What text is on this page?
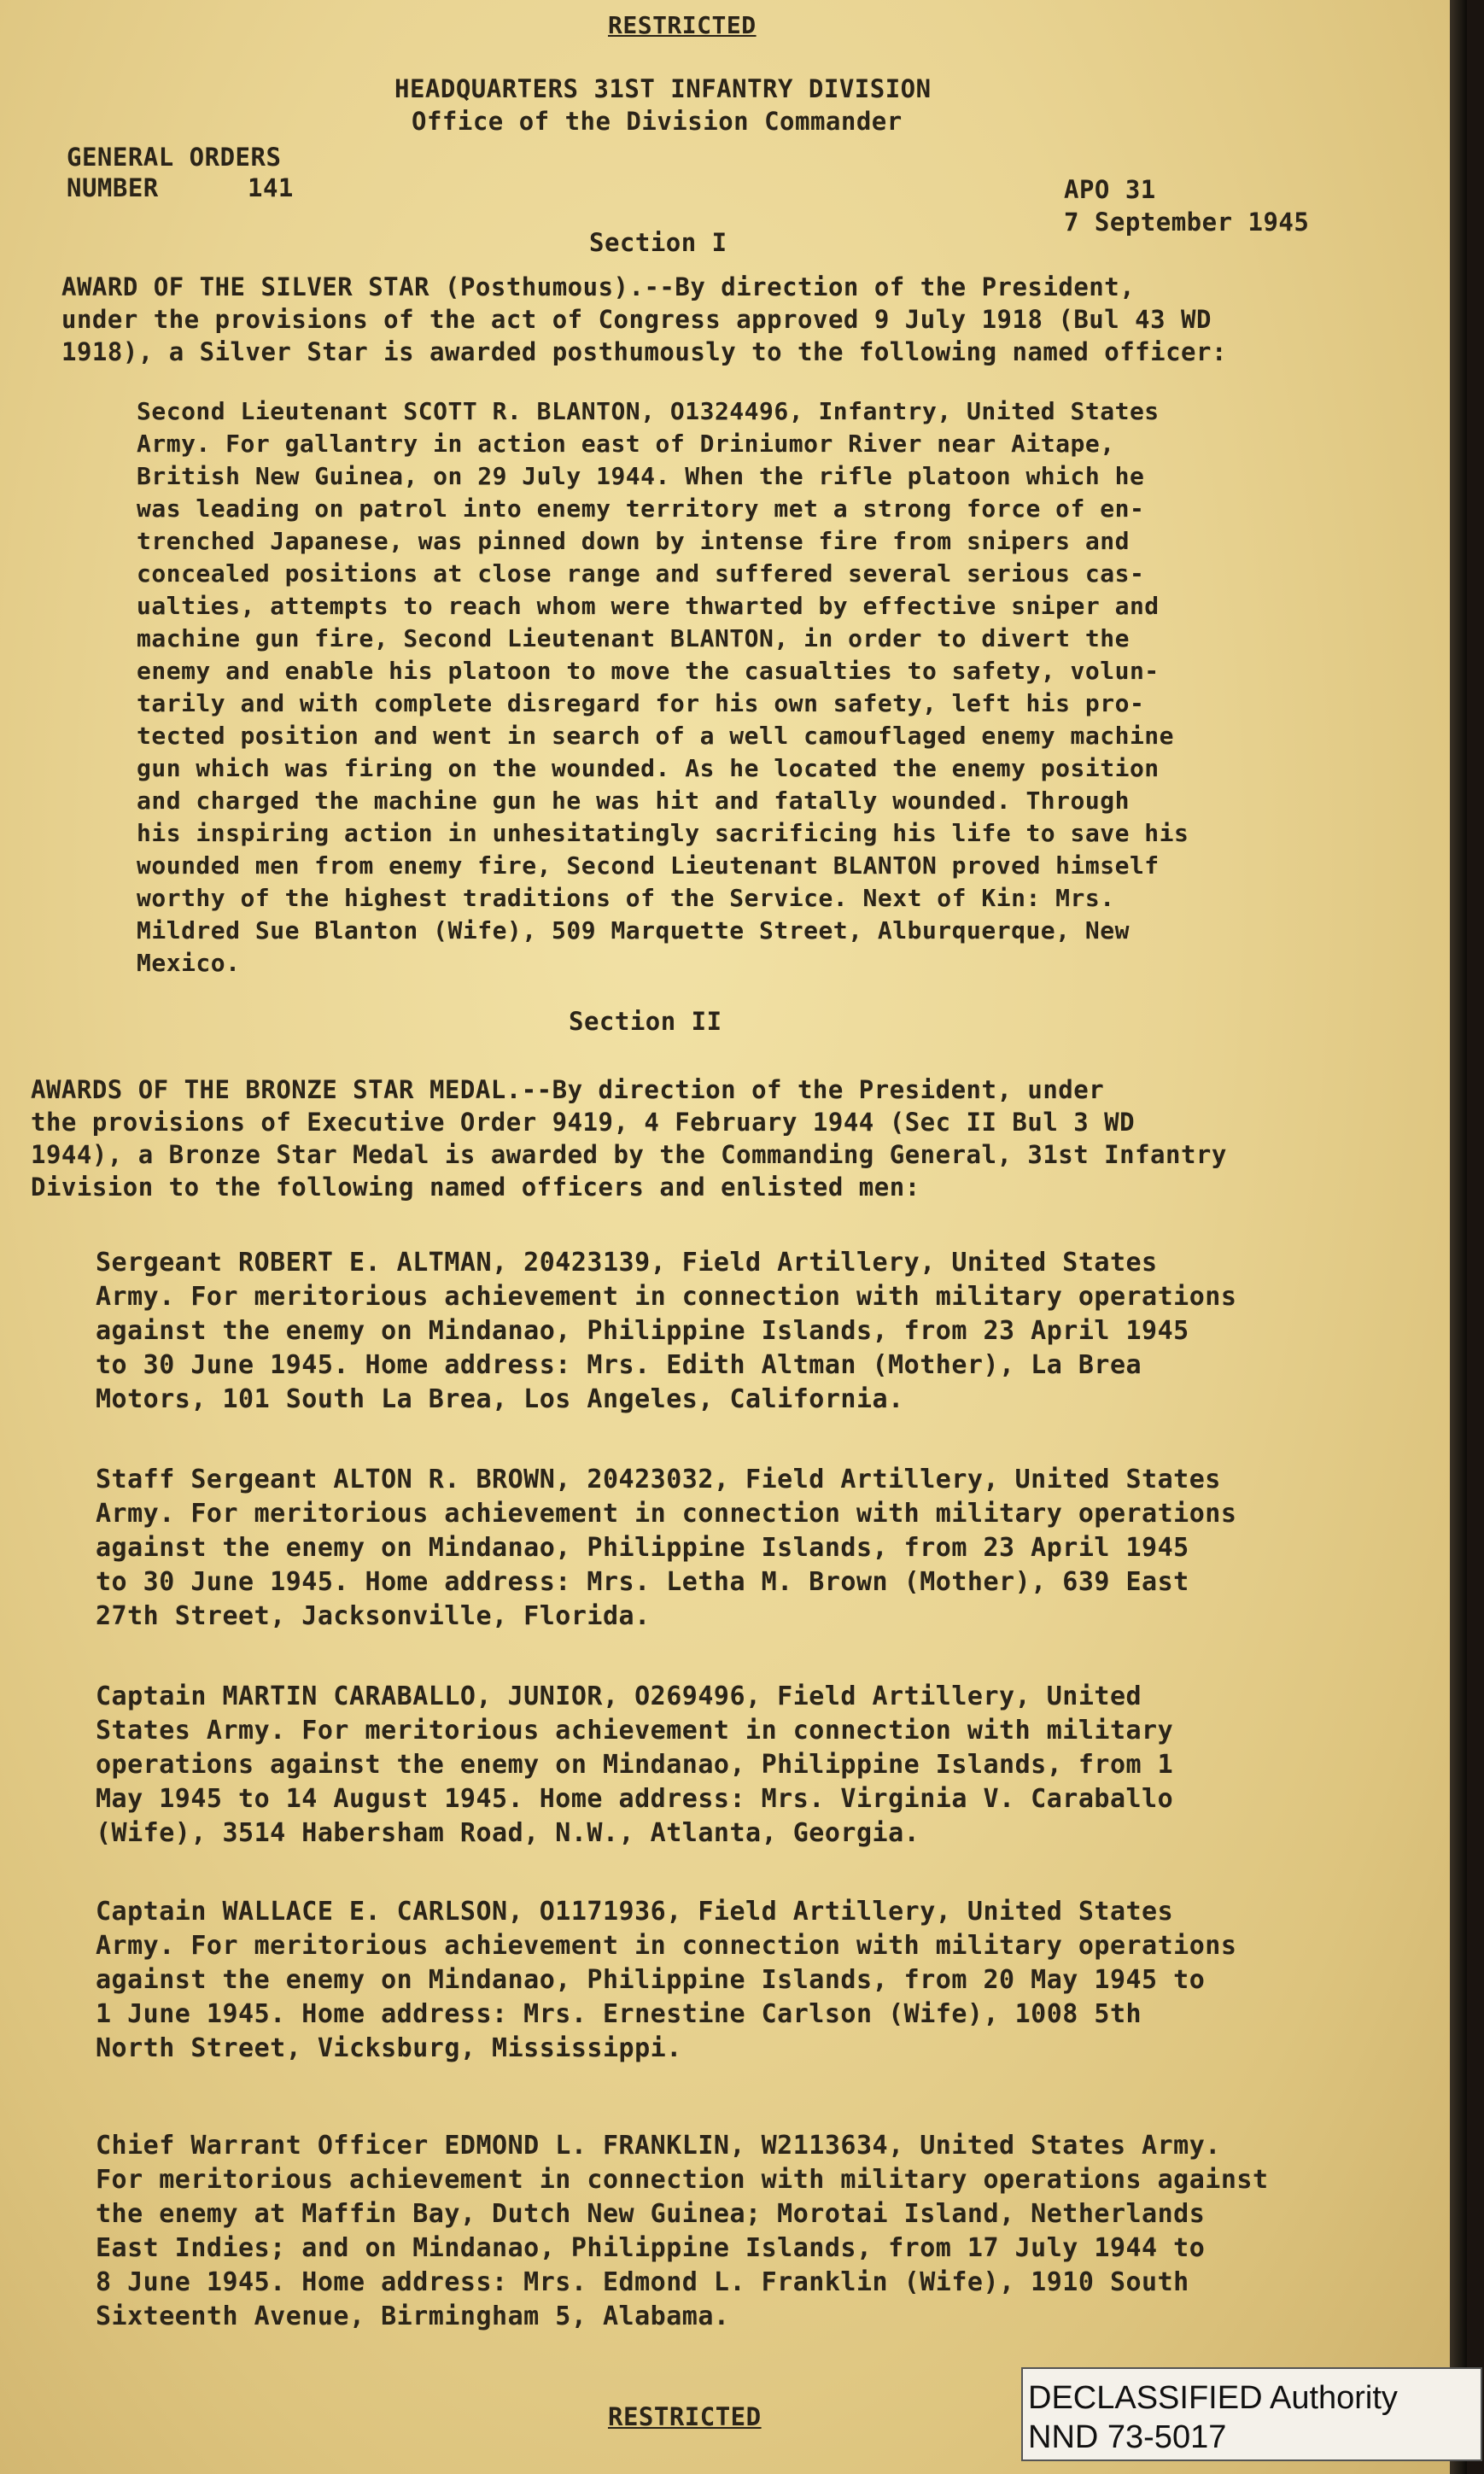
RESTRICTED
HEADQUARTERS 31ST INFANTRY DIVISION
Office of the Division Commander
GENERAL ORDERS
NUMBER	141	APO 31
7 September 1945
Section I
AWARD OF THE SILVER STAR (Posthumous).--By direction of the President,
under the provisions of the act of Congress approved 9 July 1918 (Bul 43 WD
1918), a Silver Star is awarded posthumously to the following named officer:
Second Lieutenant SCOTT R. BLANTON, O1324496, Infantry, United States
Army. For gallantry in action east of Driniumor River near Aitape,
British New Guinea, on 29 July 1944. When the rifle platoon which he
was leading on patrol into enemy territory met a strong force of en-
trenched Japanese, was pinned down by intense fire from snipers and
concealed positions at close range and suffered several serious cas-
ualties, attempts to reach whom were thwarted by effective sniper and
machine gun fire, Second Lieutenant BLANTON, in order to divert the
enemy and enable his platoon to move the casualties to safety, volun-
tarily and with complete disregard for his own safety, left his pro-
tected position and went in search of a well camouflaged enemy machine
gun which was firing on the wounded. As he located the enemy position
and charged the machine gun he was hit and fatally wounded. Through
his inspiring action in unhesitatingly sacrificing his life to save his
wounded men from enemy fire, Second Lieutenant BLANTON proved himself
worthy of the highest traditions of the Service. Next of Kin: Mrs.
Mildred Sue Blanton (Wife), 509 Marquette Street, Alburquerque, New
Mexico.
Section II
AWARDS OF THE BRONZE STAR MEDAL.--By direction of the President, under
the provisions of Executive Order 9419, 4 February 1944 (Sec II Bul 3 WD
1944), a Bronze Star Medal is awarded by the Commanding General, 31st Infantry
Division to the following named officers and enlisted men:
Sergeant ROBERT E. ALTMAN, 20423139, Field Artillery, United States
Army. For meritorious achievement in connection with military operations
against the enemy on Mindanao, Philippine Islands, from 23 April 1945
to 30 June 1945. Home address: Mrs. Edith Altman (Mother), La Brea
Motors, 101 South La Brea, Los Angeles, California.
Staff Sergeant ALTON R. BROWN, 20423032, Field Artillery, United States
Army. For meritorious achievement in connection with military operations
against the enemy on Mindanao, Philippine Islands, from 23 April 1945
to 30 June 1945. Home address: Mrs. Letha M. Brown (Mother), 639 East
27th Street, Jacksonville, Florida.
Captain MARTIN CARABALLO, JUNIOR, O269496, Field Artillery, United
States Army. For meritorious achievement in connection with military
operations against the enemy on Mindanao, Philippine Islands, from 1
May 1945 to 14 August 1945. Home address: Mrs. Virginia V. Caraballo
(Wife), 3514 Habersham Road, N.W., Atlanta, Georgia.
Captain WALLACE E. CARLSON, O1171936, Field Artillery, United States
Army. For meritorious achievement in connection with military operations
against the enemy on Mindanao, Philippine Islands, from 20 May 1945 to
1 June 1945. Home address: Mrs. Ernestine Carlson (Wife), 1008 5th
North Street, Vicksburg, Mississippi.
Chief Warrant Officer EDMOND L. FRANKLIN, W2113634, United States Army.
For meritorious achievement in connection with military operations against
the enemy at Maffin Bay, Dutch New Guinea; Morotai Island, Netherlands
East Indies; and on Mindanao, Philippine Islands, from 17 July 1944 to
8 June 1945. Home address: Mrs. Edmond L. Franklin (Wife), 1910 South
Sixteenth Avenue, Birmingham 5, Alabama.
RESTRICTED
DECLASSIFIED Authority
NND 73-5017
